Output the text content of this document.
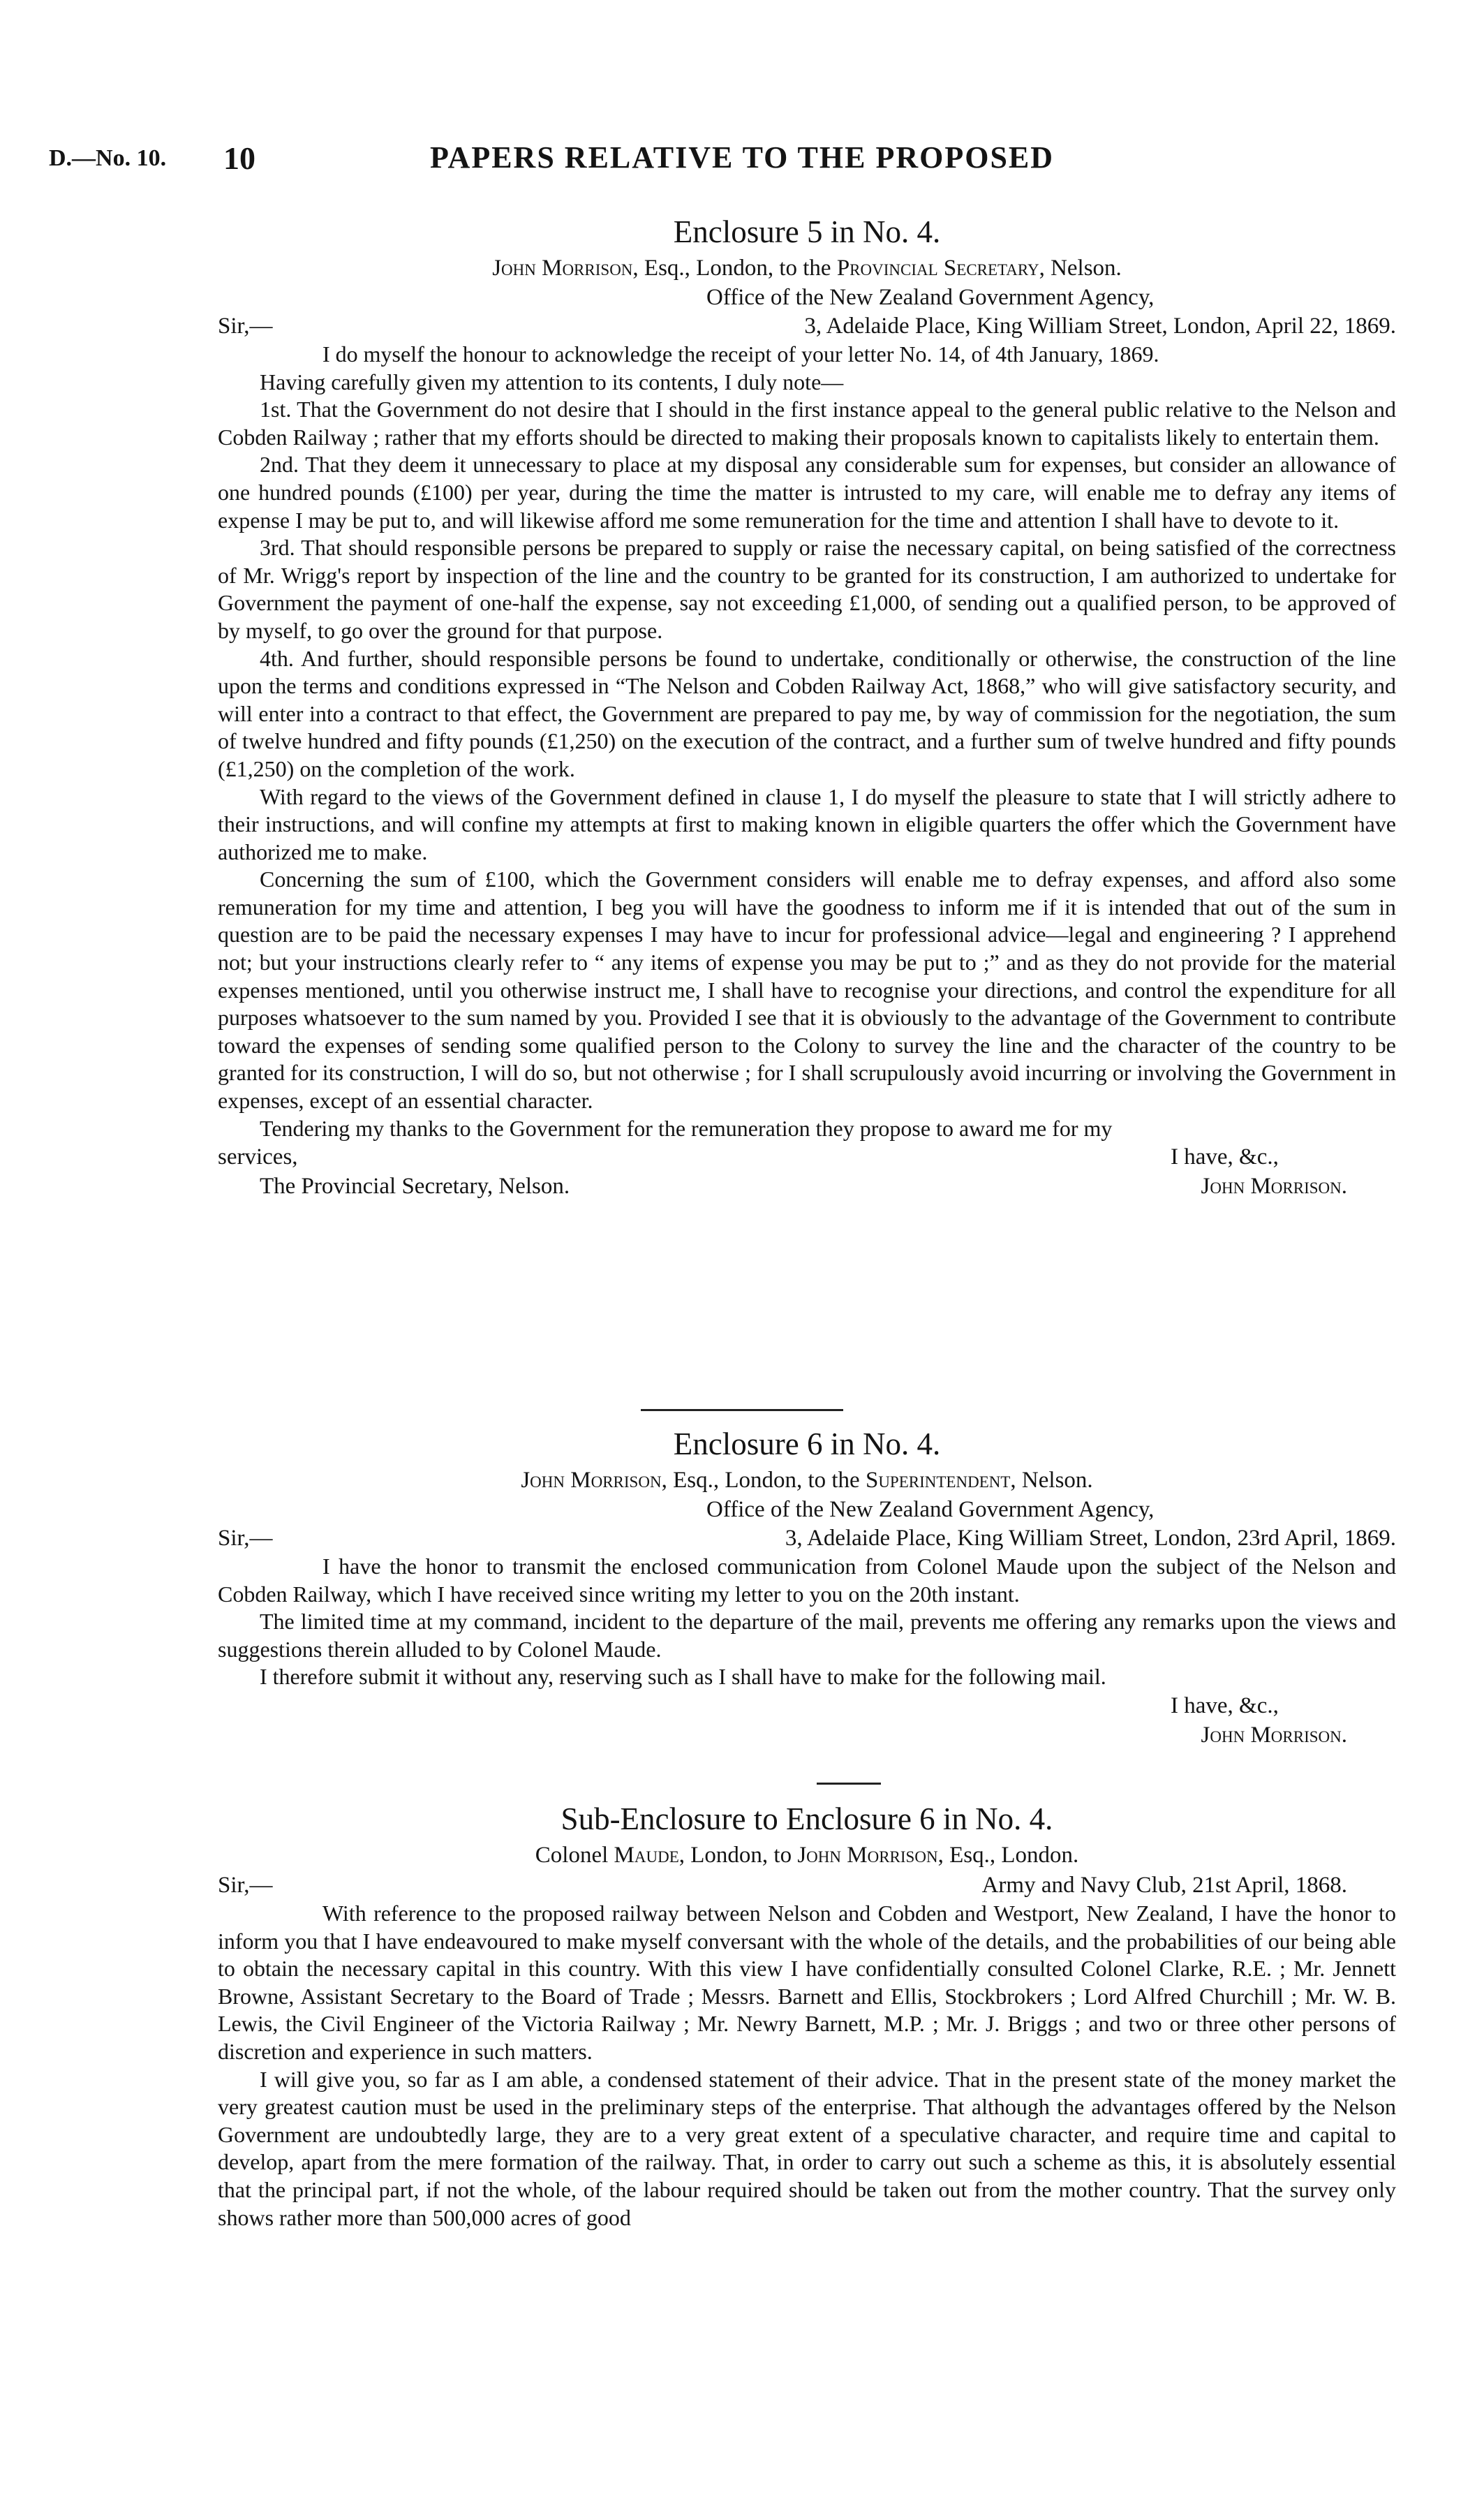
D.—No. 10. 10	PAPERS RELATIVE TO THE PROPOSED
Enclosure 5 in No. 4.
John Morrison, Esq., London, to the Provincial Secretary, Nelson.
Office of the New Zealand Government Agency,
Sir,—	3, Adelaide Place, King William Street, London, April 22, 1869.

I do myself the honour to acknowledge the receipt of your letter No. 14, of 4th January, 1869.

Having carefully given my attention to its contents, I duly note—

1st. That the Government do not desire that I should in the first instance appeal to the general public relative to the Nelson and Cobden Railway ; rather that my efforts should be directed to making their proposals known to capitalists likely to entertain them.

2nd. That they deem it unnecessary to place at my disposal any considerable sum for expenses, but consider an allowance of one hundred pounds (£100) per year, during the time the matter is intrusted to my care, will enable me to defray any items of expense I may be put to, and will likewise afford me some remuneration for the time and attention I shall have to devote to it.

3rd. That should responsible persons be prepared to supply or raise the necessary capital, on being satisfied of the correctness of Mr. Wrigg's report by inspection of the line and the country to be granted for its construction, I am authorized to undertake for Government the payment of one-half the expense, say not exceeding £1,000, of sending out a qualified person, to be approved of by myself, to go over the ground for that purpose.

4th. And further, should responsible persons be found to undertake, conditionally or otherwise, the construction of the line upon the terms and conditions expressed in “The Nelson and Cobden Railway Act, 1868,” who will give satisfactory security, and will enter into a contract to that effect, the Government are prepared to pay me, by way of commission for the negotiation, the sum of twelve hundred and fifty pounds (£1,250) on the execution of the contract, and a further sum of twelve hundred and fifty pounds (£1,250) on the completion of the work.

With regard to the views of the Government defined in clause 1, I do myself the pleasure to state that I will strictly adhere to their instructions, and will confine my attempts at first to making known in eligible quarters the offer which the Government have authorized me to make.

Concerning the sum of £100, which the Government considers will enable me to defray expenses, and afford also some remuneration for my time and attention, I beg you will have the goodness to inform me if it is intended that out of the sum in question are to be paid the necessary expenses I may have to incur for professional advice—legal and engineering ? I apprehend not; but your instructions clearly refer to “ any items of expense you may be put to ;” and as they do not provide for the material expenses mentioned, until you otherwise instruct me, I shall have to recognise your directions, and control the expenditure for all purposes whatsoever to the sum named by you. Provided I see that it is obviously to the advantage of the Government to contribute toward the expenses of sending some qualified person to the Colony to survey the line and the character of the country to be granted for its construction, I will do so, but not otherwise ; for I shall scrupulously avoid incurring or involving the Government in expenses, except of an essential character.

Tendering my thanks to the Government for the remuneration they propose to award me for my

services,	I have, &c.,
The Provincial Secretary, Nelson.	John Morrison.
Enclosure 6 in No. 4.
John Morrison, Esq., London, to the Superintendent, Nelson.
Office of the New Zealand Government Agency,
Sir,—	3, Adelaide Place, King William Street, London, 23rd April, 1869.

I have the honor to transmit the enclosed communication from Colonel Maude upon the subject of the Nelson and Cobden Railway, which I have received since writing my letter to you on the 20th instant.

The limited time at my command, incident to the departure of the mail, prevents me offering any remarks upon the views and suggestions therein alluded to by Colonel Maude.

I therefore submit it without any, reserving such as I shall have to make for the following mail.

I have, &c.,
John Morrison.
Sub-Enclosure to Enclosure 6 in No. 4.
Colonel Maude, London, to John Morrison, Esq., London.
Sir,—	Army and Navy Club, 21st April, 1868.

With reference to the proposed railway between Nelson and Cobden and Westport, New Zealand, I have the honor to inform you that I have endeavoured to make myself conversant with the whole of the details, and the probabilities of our being able to obtain the necessary capital in this country. With this view I have confidentially consulted Colonel Clarke, R.E. ; Mr. Jennett Browne, Assistant Secretary to the Board of Trade ; Messrs. Barnett and Ellis, Stockbrokers ; Lord Alfred Churchill ; Mr. W. B. Lewis, the Civil Engineer of the Victoria Railway ; Mr. Newry Barnett, M.P. ; Mr. J. Briggs ; and two or three other persons of discretion and experience in such matters.

I will give you, so far as I am able, a condensed statement of their advice. That in the present state of the money market the very greatest caution must be used in the preliminary steps of the enterprise. That although the advantages offered by the Nelson Government are undoubtedly large, they are to a very great extent of a speculative character, and require time and capital to develop, apart from the mere formation of the railway. That, in order to carry out such a scheme as this, it is absolutely essential that the principal part, if not the whole, of the labour required should be taken out from the mother country. That the survey only shows rather more than 500,000 acres of good
